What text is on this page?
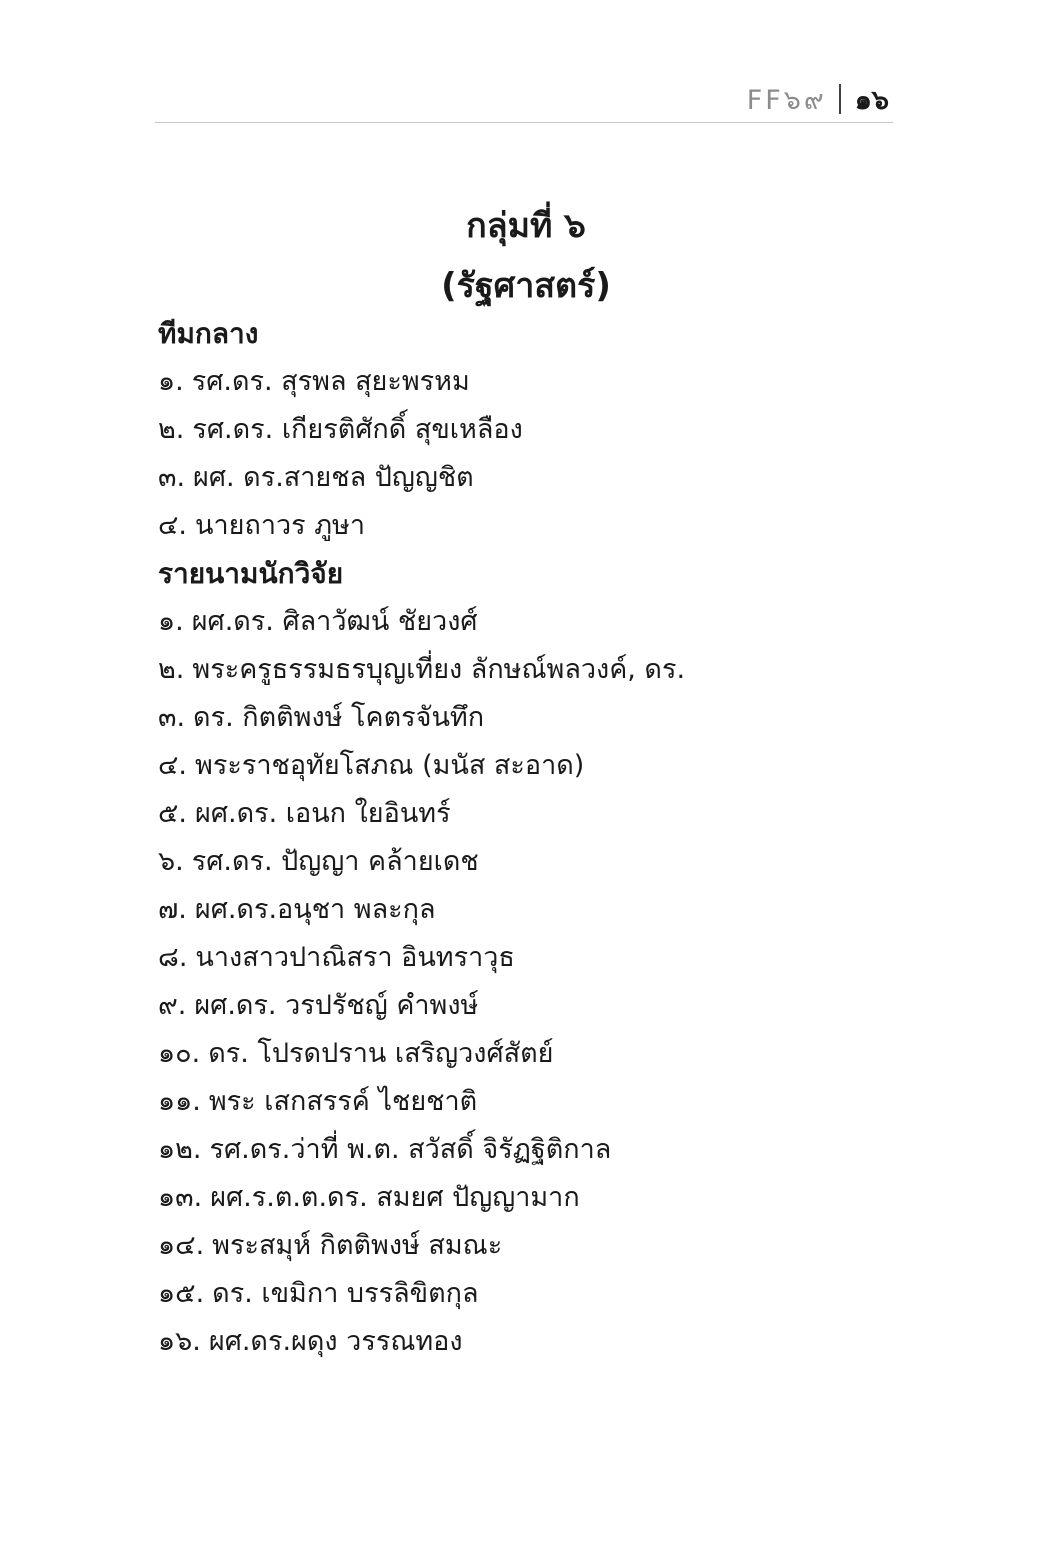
FF๖๙ ๑๖
กลุ่มที่ ๖
(รัฐศาสตร์)
ทีมกลาง
๑. รศ.ดร. สุรพล สุยะพรหม
๒. รศ.ดร. เกียรติศักดิ์ สุขเหลือง
๓. ผศ. ดร.สายชล ปัญญชิต
๔. นายถาวร ภูษา
รายนามนักวิจัย
๑. ผศ.ดร. ศิลาวัฒน์ ชัยวงศ์
๒. พระครูธรรมธรบุญเที่ยง ลักษณ์พลวงค์, ดร.
๓. ดร. กิตติพงษ์ โคตรจันทึก
๔. พระราชอุทัยโสภณ (มนัส สะอาด)
๕. ผศ.ดร. เอนก ใยอินทร์
๖. รศ.ดร. ปัญญา คล้ายเดช
๗. ผศ.ดร.อนุชา พละกุล
๘. นางสาวปาณิสรา อินทราวุธ
๙. ผศ.ดร. วรปรัชญ์ คำพงษ์
๑๐. ดร. โปรดปราน เสริญวงศ์สัตย์
๑๑. พระ เสกสรรค์ ไชยชาติ
๑๒. รศ.ดร.ว่าที่ พ.ต. สวัสดิ์ จิรัฏฐิติกาล
๑๓. ผศ.ร.ต.ต.ดร. สมยศ ปัญญามาก
๑๔. พระสมุห์ กิตติพงษ์ สมณะ
๑๕. ดร. เขมิกา บรรลิขิตกุล
๑๖. ผศ.ดร.ผดุง วรรณทอง
